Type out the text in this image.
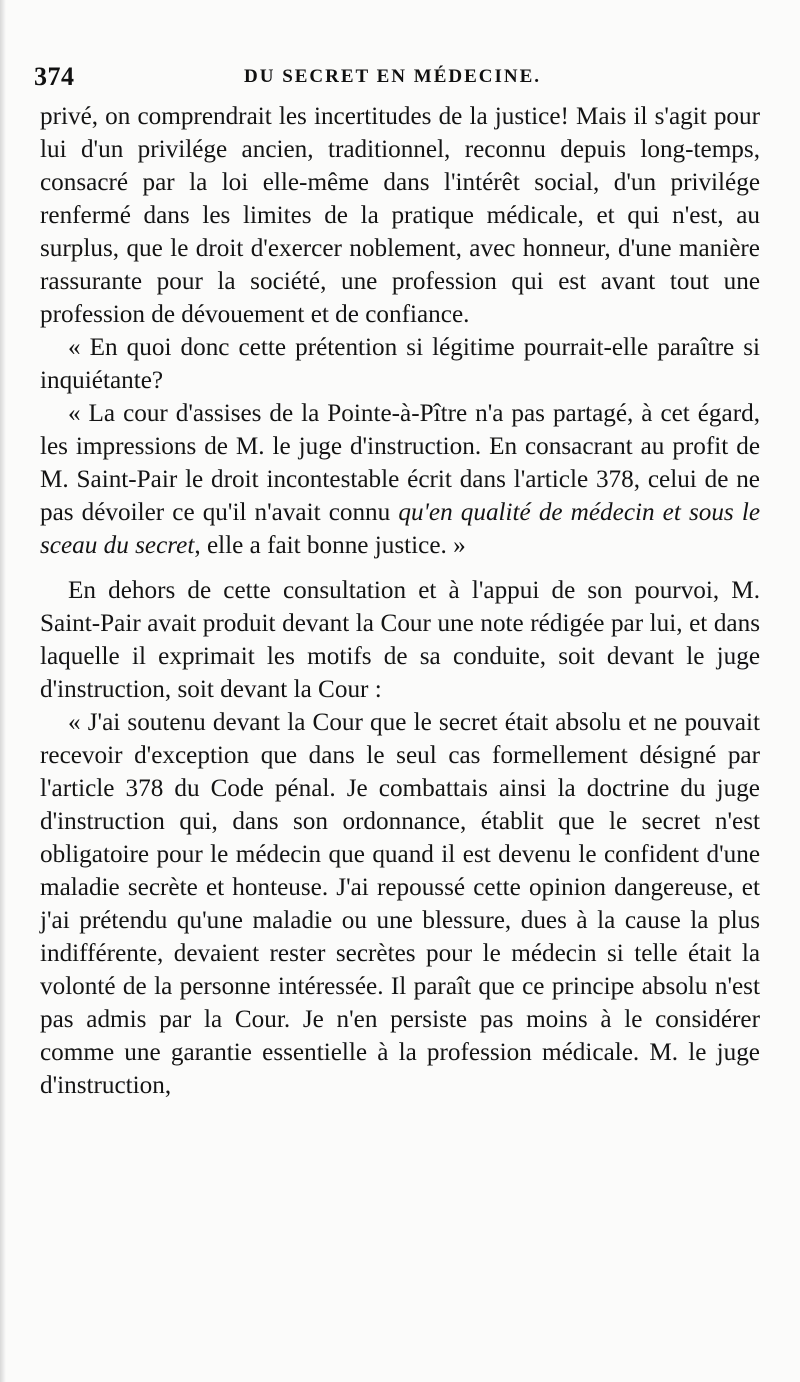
374	DU SECRET EN MÉDECINE.

privé, on comprendrait les incertitudes de la justice! Mais il s'agit pour lui d'un privilége ancien, traditionnel, reconnu depuis long-temps, consacré par la loi elle-même dans l'intérêt social, d'un privilége renfermé dans les limites de la pratique médicale, et qui n'est, au surplus, que le droit d'exercer noblement, avec honneur, d'une manière rassurante pour la société, une profession qui est avant tout une profession de dévouement et de confiance.

« En quoi donc cette prétention si légitime pourrait-elle paraître si inquiétante?

« La cour d'assises de la Pointe-à-Pître n'a pas partagé, à cet égard, les impressions de M. le juge d'instruction. En consacrant au profit de M. Saint-Pair le droit incontestable écrit dans l'article 378, celui de ne pas dévoiler ce qu'il n'avait connu qu'en qualité de médecin et sous le sceau du secret, elle a fait bonne justice. »

En dehors de cette consultation et à l'appui de son pourvoi, M. Saint-Pair avait produit devant la Cour une note rédigée par lui, et dans laquelle il exprimait les motifs de sa conduite, soit devant le juge d'instruction, soit devant la Cour :

« J'ai soutenu devant la Cour que le secret était absolu et ne pouvait recevoir d'exception que dans le seul cas formellement désigné par l'article 378 du Code pénal. Je combattais ainsi la doctrine du juge d'instruction qui, dans son ordonnance, établit que le secret n'est obligatoire pour le médecin que quand il est devenu le confident d'une maladie secrète et honteuse. J'ai repoussé cette opinion dangereuse, et j'ai prétendu qu'une maladie ou une blessure, dues à la cause la plus indifférente, devaient rester secrètes pour le médecin si telle était la volonté de la personne intéressée. Il paraît que ce principe absolu n'est pas admis par la Cour. Je n'en persiste pas moins à le considérer comme une garantie essentielle à la profession médicale. M. le juge d'instruction,
